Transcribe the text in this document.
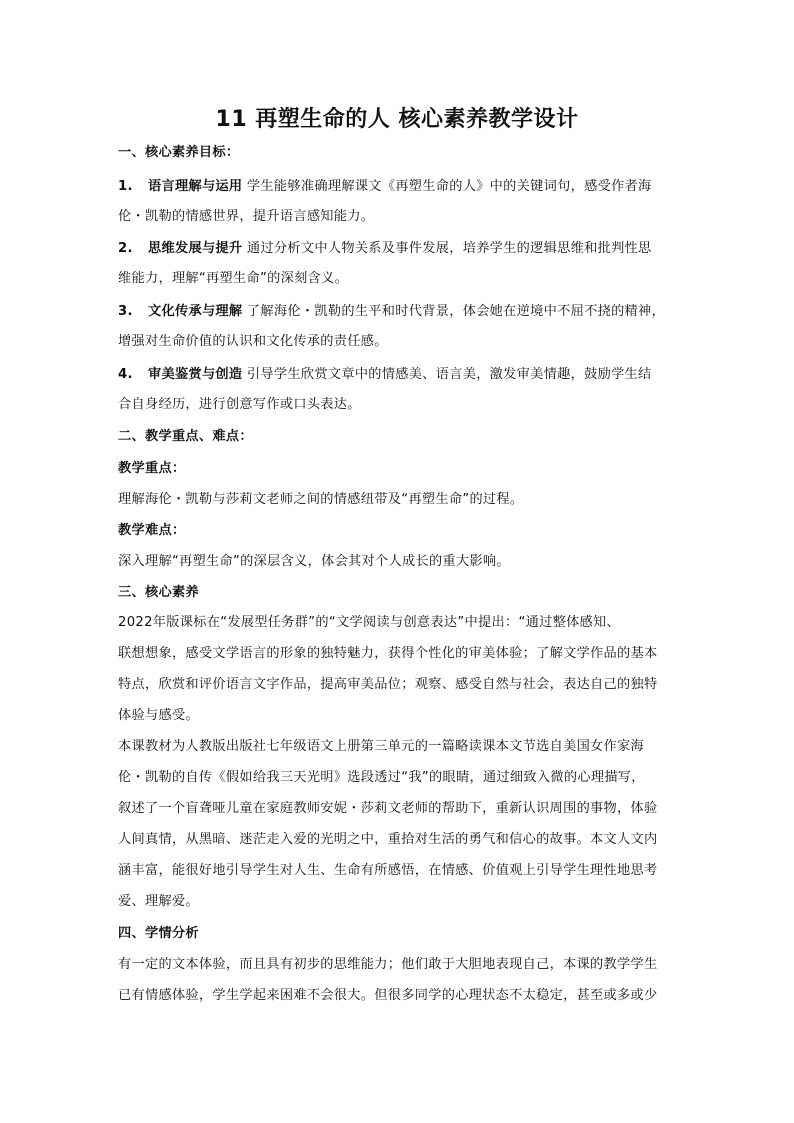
11 再塑生命的人 核心素养教学设计
一、核心素养目标：
1. 语言理解与运用 学生能够准确理解课文《再塑生命的人》中的关键词句，感受作者海
伦・凯勒的情感世界，提升语言感知能力。
2. 思维发展与提升 通过分析文中人物关系及事件发展，培养学生的逻辑思维和批判性思
维能力，理解“再塑生命”的深刻含义。
3. 文化传承与理解 了解海伦・凯勒的生平和时代背景，体会她在逆境中不屈不挠的精神，
增强对生命价值的认识和文化传承的责任感。
4. 审美鉴赏与创造 引导学生欣赏文章中的情感美、语言美，激发审美情趣，鼓励学生结
合自身经历，进行创意写作或口头表达。
二、教学重点、难点：
教学重点：
理解海伦・凯勒与莎莉文老师之间的情感纽带及“再塑生命”的过程。
教学难点：
深入理解“再塑生命”的深层含义，体会其对个人成长的重大影响。
三、核心素养
2022年版课标在“发展型任务群”的“文学阅读与创意表达”中提出：“通过整体感知、
联想想象，感受文学语言的形象的独特魅力，获得个性化的审美体验；了解文学作品的基本
特点，欣赏和评价语言文字作品，提高审美品位；观察、感受自然与社会，表达自己的独特
体验与感受。
本课教材为人教版出版社七年级语文上册第三单元的一篇略读课本文节选自美国女作家海
伦・凯勒的自传《假如给我三天光明》选段透过“我”的眼睛，通过细致入微的心理描写，
叙述了一个盲聋哑儿童在家庭教师安妮・莎莉文老师的帮助下，重新认识周围的事物，体验
人间真情，从黑暗、迷茫走入爱的光明之中，重拾对生活的勇气和信心的故事。本文人文内
涵丰富，能很好地引导学生对人生、生命有所感悟，在情感、价值观上引导学生理性地思考
爱、理解爱。
四、学情分析
有一定的文本体验，而且具有初步的思维能力；他们敢于大胆地表现自己，本课的教学学生
已有情感体验，学生学起来困难不会很大。但很多同学的心理状态不太稳定，甚至或多或少
